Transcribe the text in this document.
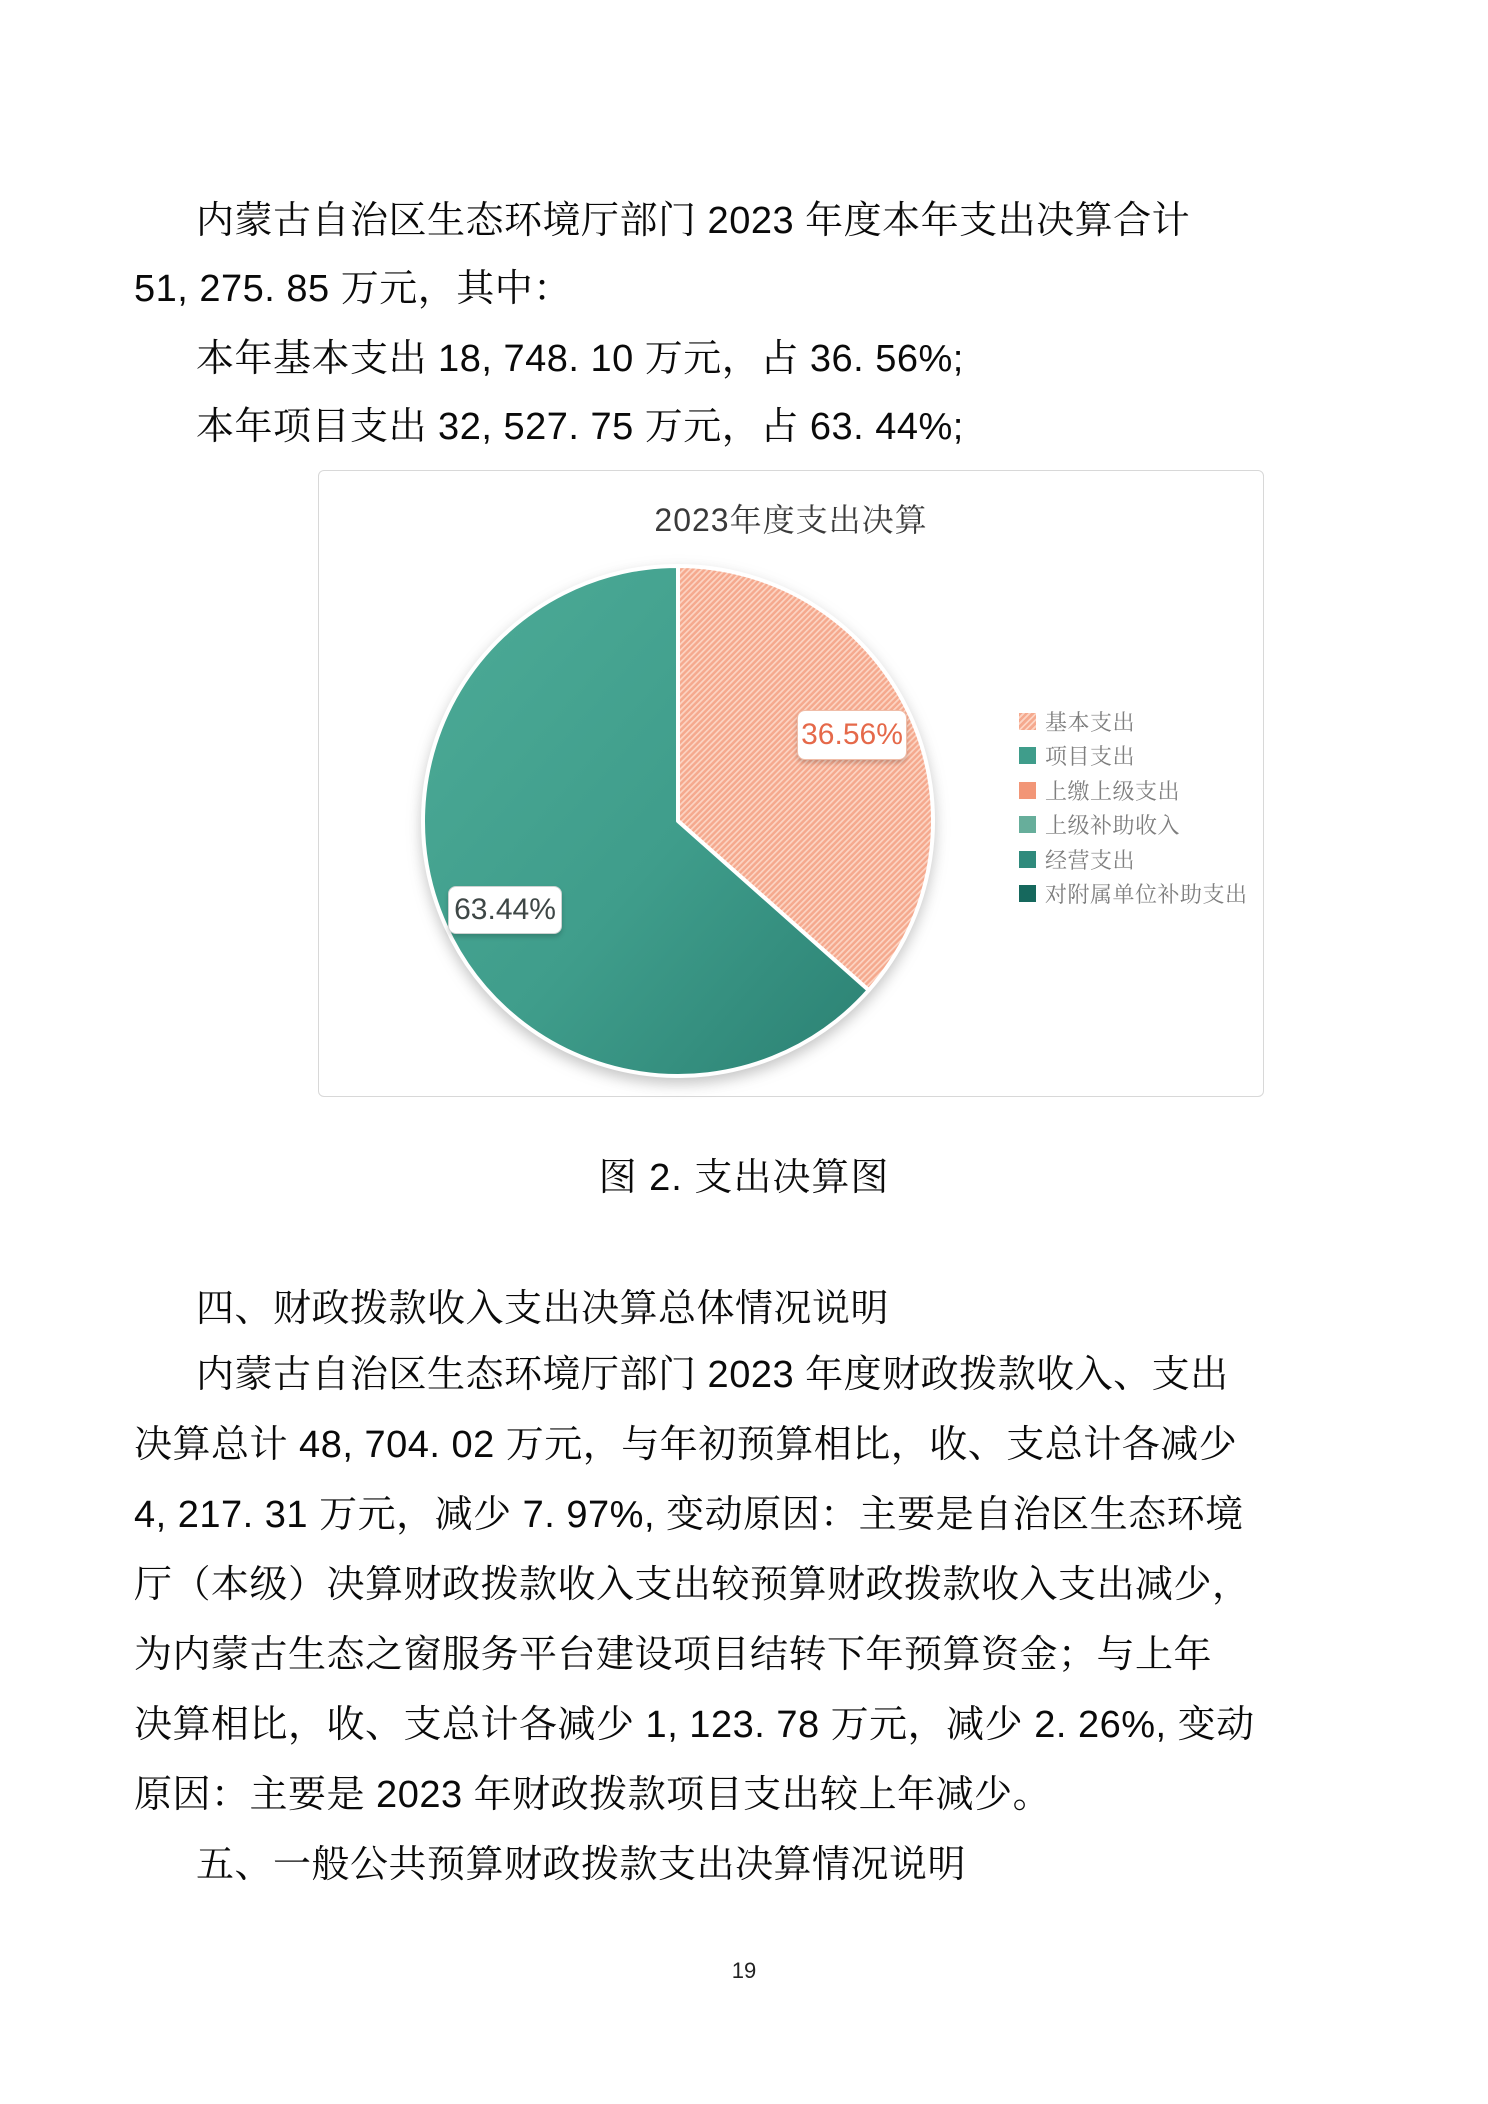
内蒙古自治区生态环境厅部门 2023 年度本年支出决算合计
51, 275. 85 万元，其中：
本年基本支出 18, 748. 10 万元，占 36. 56%;
本年项目支出 32, 527. 75 万元，占 63. 44%;
2023年度支出决算
36.56%
63.44%
基本支出
项目支出
上缴上级支出
上级补助收入
经营支出
对附属单位补助支出
图 2. 支出决算图
四、财政拨款收入支出决算总体情况说明
内蒙古自治区生态环境厅部门 2023 年度财政拨款收入、支出
决算总计 48, 704. 02 万元，与年初预算相比，收、支总计各减少
4, 217. 31 万元，减少 7. 97%, 变动原因：主要是自治区生态环境
厅（本级）决算财政拨款收入支出较预算财政拨款收入支出减少，
为内蒙古生态之窗服务平台建设项目结转下年预算资金；与上年
决算相比，收、支总计各减少 1, 123. 78 万元，减少 2. 26%, 变动
原因：主要是 2023 年财政拨款项目支出较上年减少。
五、一般公共预算财政拨款支出决算情况说明
19
